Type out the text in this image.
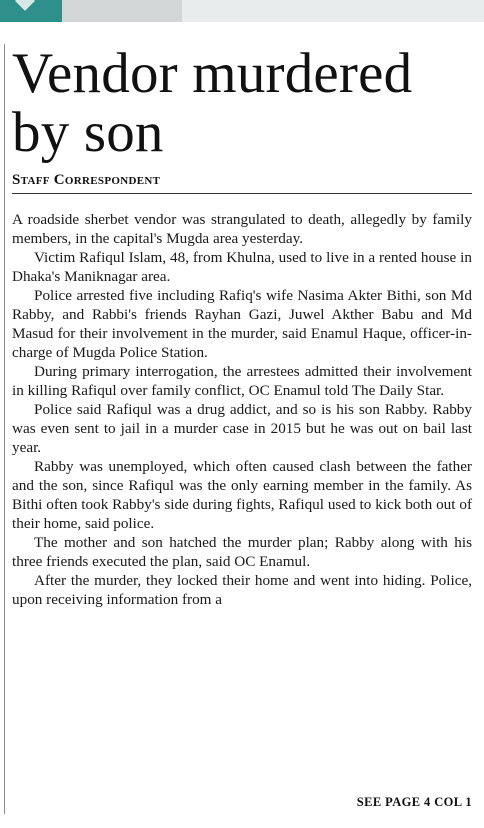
Vendor murdered by son
Staff Correspondent

A roadside sherbet vendor was strangulated to death, allegedly by family members, in the capital's Mugda area yesterday.

Victim Rafiqul Islam, 48, from Khulna, used to live in a rented house in Dhaka's Maniknagar area.

Police arrested five including Rafiq's wife Nasima Akter Bithi, son Md Rabby, and Rabbi's friends Rayhan Gazi, Juwel Akther Babu and Md Masud for their involvement in the murder, said Enamul Haque, officer-in-charge of Mugda Police Station.

During primary interrogation, the arrestees admitted their involvement in killing Rafiqul over family conflict, OC Enamul told The Daily Star.

Police said Rafiqul was a drug addict, and so is his son Rabby. Rabby was even sent to jail in a murder case in 2015 but he was out on bail last year.

Rabby was unemployed, which often caused clash between the father and the son, since Rafiqul was the only earning member in the family. As Bithi often took Rabby's side during fights, Rafiqul used to kick both out of their home, said police.

The mother and son hatched the murder plan; Rabby along with his three friends executed the plan, said OC Enamul.

After the murder, they locked their home and went into hiding. Police, upon receiving information from a

SEE PAGE 4 COL 1
